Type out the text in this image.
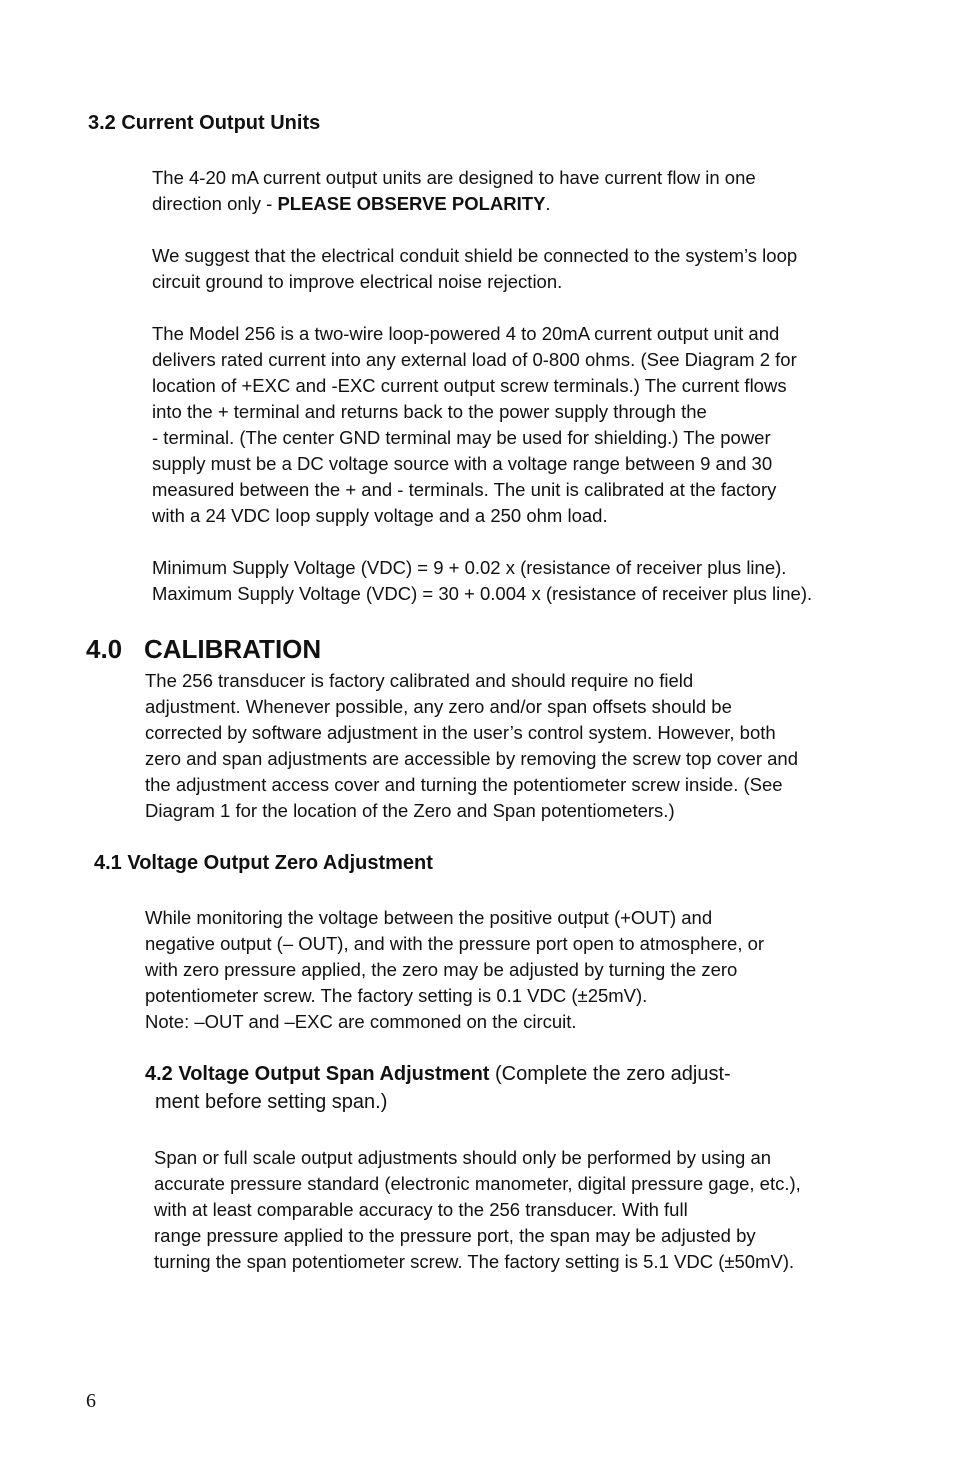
3.2 Current Output Units
The 4-20 mA current output units are designed to have current flow in one
direction only - PLEASE OBSERVE POLARITY.
We suggest that the electrical conduit shield be connected to the system’s loop
circuit ground to improve electrical noise rejection.
The Model 256 is a two-wire loop-powered 4 to 20mA current output unit and
delivers rated current into any external load of 0-800 ohms. (See Diagram 2 for
location of +EXC and -EXC current output screw terminals.) The current flows
into the + terminal and returns back to the power supply through the
- terminal. (The center GND terminal may be used for shielding.) The power
supply must be a DC voltage source with a voltage range between 9 and 30
measured between the + and - terminals. The unit is calibrated at the factory
with a 24 VDC loop supply voltage and a 250 ohm load.
Minimum Supply Voltage (VDC) = 9 + 0.02 x (resistance of receiver plus line).
Maximum Supply Voltage (VDC) = 30 + 0.004 x (resistance of receiver plus line).
4.0 CALIBRATION
The 256 transducer is factory calibrated and should require no field
adjustment. Whenever possible, any zero and/or span offsets should be
corrected by software adjustment in the user’s control system. However, both
zero and span adjustments are accessible by removing the screw top cover and
the adjustment access cover and turning the potentiometer screw inside. (See
Diagram 1 for the location of the Zero and Span potentiometers.)
4.1 Voltage Output Zero Adjustment
While monitoring the voltage between the positive output (+OUT) and
negative output (– OUT), and with the pressure port open to atmosphere, or
with zero pressure applied, the zero may be adjusted by turning the zero
potentiometer screw. The factory setting is 0.1 VDC (±25mV).
Note: –OUT and –EXC are commoned on the circuit.
4.2 Voltage Output Span Adjustment (Complete the zero adjust-
ment before setting span.)
Span or full scale output adjustments should only be performed by using an
accurate pressure standard (electronic manometer, digital pressure gage, etc.),
with at least comparable accuracy to the 256 transducer. With full
range pressure applied to the pressure port, the span may be adjusted by
turning the span potentiometer screw. The factory setting is 5.1 VDC (±50mV).
6
